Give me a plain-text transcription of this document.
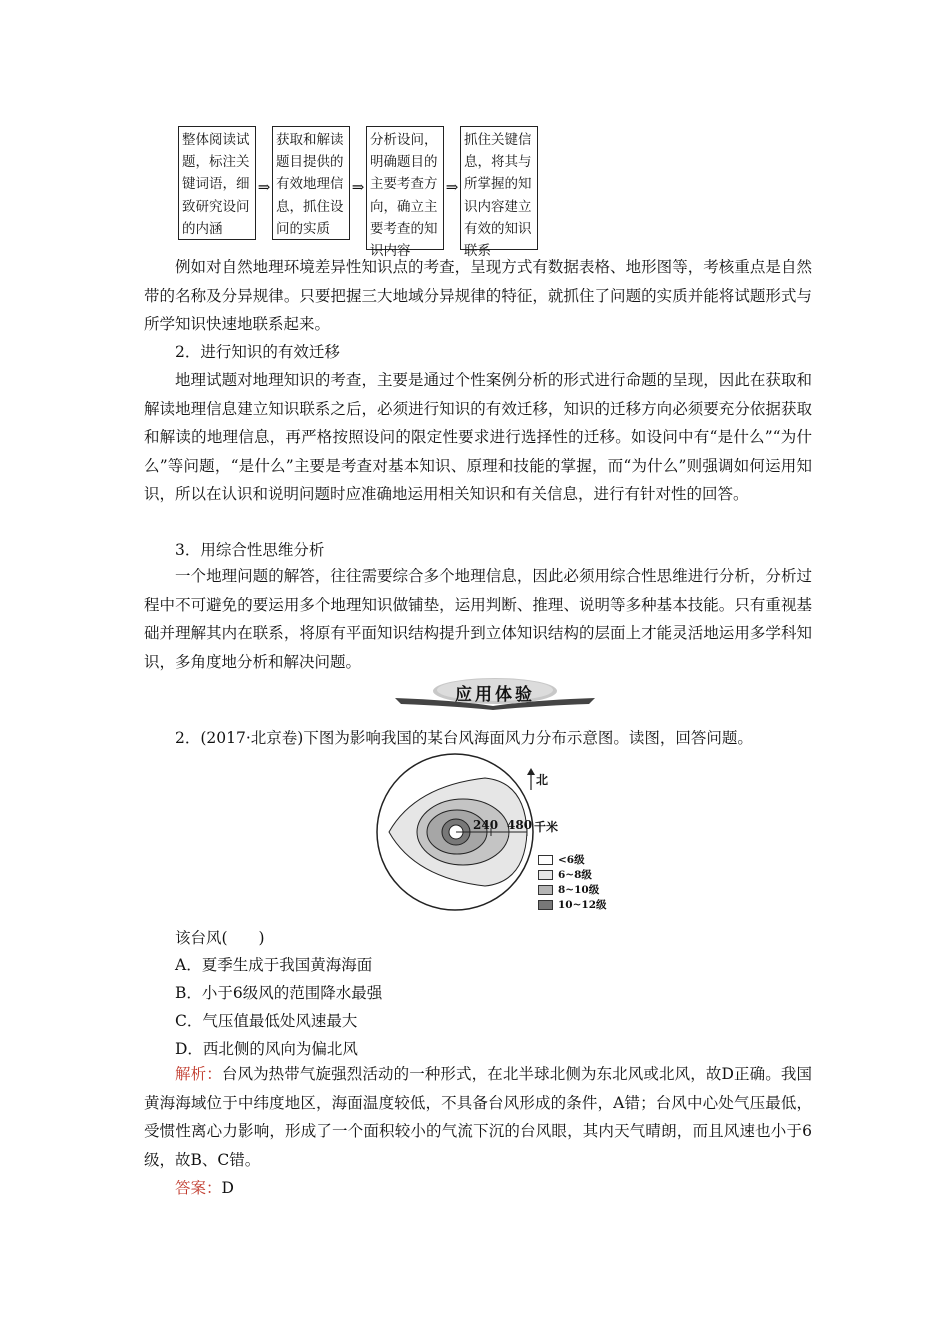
整体阅读试
题，标注关
键词语，细
致研究设问
的内涵
⇒
获取和解读
题目提供的
有效地理信
息，抓住设
问的实质
⇒
分析设问，
明确题目的
主要考查方
向，确立主
要考查的知
识内容
⇒
抓住关键信
息，将其与
所掌握的知
识内容建立
有效的知识
联系

例如对自然地理环境差异性知识点的考查，呈现方式有数据表格、地形图等，考核重点是自然带的名称及分异规律。只要把握三大地域分异规律的特征，就抓住了问题的实质并能将试题形式与所学知识快速地联系起来。

2．进行知识的有效迁移

地理试题对地理知识的考查，主要是通过个性案例分析的形式进行命题的呈现，因此在获取和解读地理信息建立知识联系之后，必须进行知识的有效迁移，知识的迁移方向必须要充分依据获取和解读的地理信息，再严格按照设问的限定性要求进行选择性的迁移。如设问中有“是什么”“为什么”等问题，“是什么”主要是考查对基本知识、原理和技能的掌握，而“为什么”则强调如何运用知识，所以在认识和说明问题时应准确地运用相关知识和有关信息，进行有针对性的回答。

3．用综合性思维分析

一个地理问题的解答，往往需要综合多个地理信息，因此必须用综合性思维进行分析，分析过程中不可避免的要运用多个地理知识做铺垫，运用判断、推理、说明等多种基本技能。只有重视基础并理解其内在联系，将原有平面知识结构提升到立体知识结构的层面上才能灵活地运用多学科知识，多角度地分析和解决问题。

应用体验
2．(2017·北京卷)下图为影响我国的某台风海面风力分布示意图。读图，回答问题。
240 480 千米
北
<6级
6~8级
8~10级
10~12级
该台风(　　)
A．夏季生成于我国黄海海面
B．小于6级风的范围降水最强
C．气压值最低处风速最大
D．西北侧的风向为偏北风

解析：台风为热带气旋强烈活动的一种形式，在北半球北侧为东北风或北风，故D正确。我国黄海海域位于中纬度地区，海面温度较低，不具备台风形成的条件，A错；台风中心处气压最低，受惯性离心力影响，形成了一个面积较小的气流下沉的台风眼，其内天气晴朗，而且风速也小于6级，故B、C错。

答案：D
